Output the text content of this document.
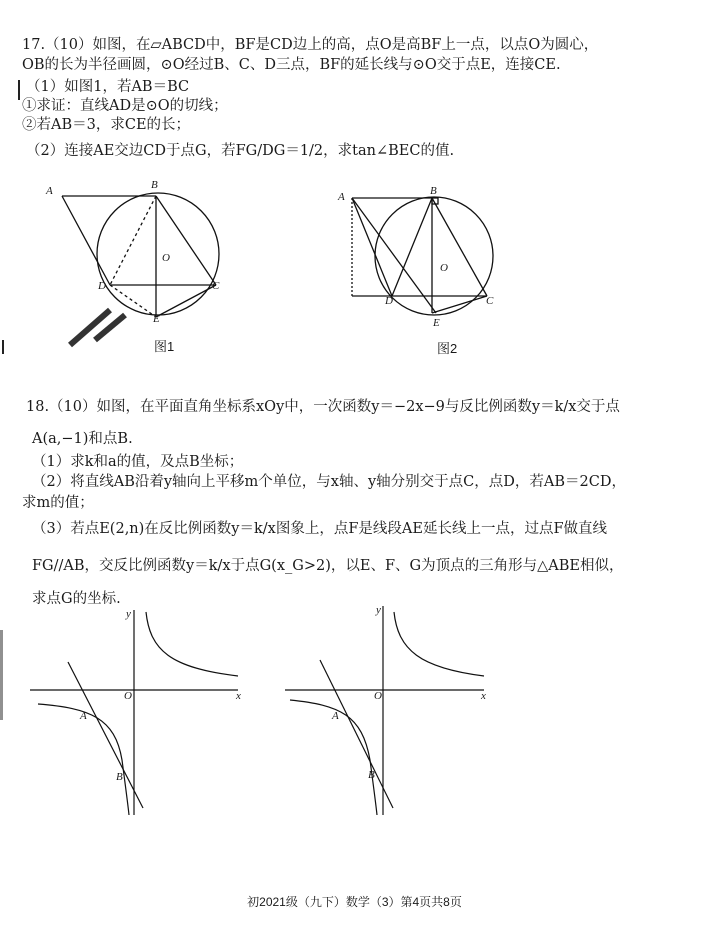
17.（10）如图，在▱ABCD中，BF是CD边上的高，点O是高BF上一点，以点O为圆心，
OB的长为半径画圆，⊙O经过B、C、D三点，BF的延长线与⊙O交于点E，连接CE.
（1）如图1，若AB＝BC
①求证：直线AD是⊙O的切线；
②若AB＝3，求CE的长；
（2）连接AE交边CD于点G，若FG/DG＝1/2，求tan∠BEC的值.
A	B
O
C
D
E
图1
A	B
O
C
D
E
图2
18.（10）如图，在平面直角坐标系xOy中，一次函数y＝−2x−9与反比例函数y＝k/x交于点
A(a,−1)和点B.
（1）求k和a的值，及点B坐标；
（2）将直线AB沿着y轴向上平移m个单位，与x轴、y轴分别交于点C，点D，若AB＝2CD，
求m的值；
（3）若点E(2,n)在反比例函数y＝k/x图象上，点F是线段AE延长线上一点，过点F做直线
FG//AB，交反比例函数y＝k/x于点G(x_G>2)，以E、F、G为顶点的三角形与△ABE相似，
求点G的坐标.
y
x
O
A
B
y
x
O
A
B
初2021级（九下）数学（3）第4页共8页
